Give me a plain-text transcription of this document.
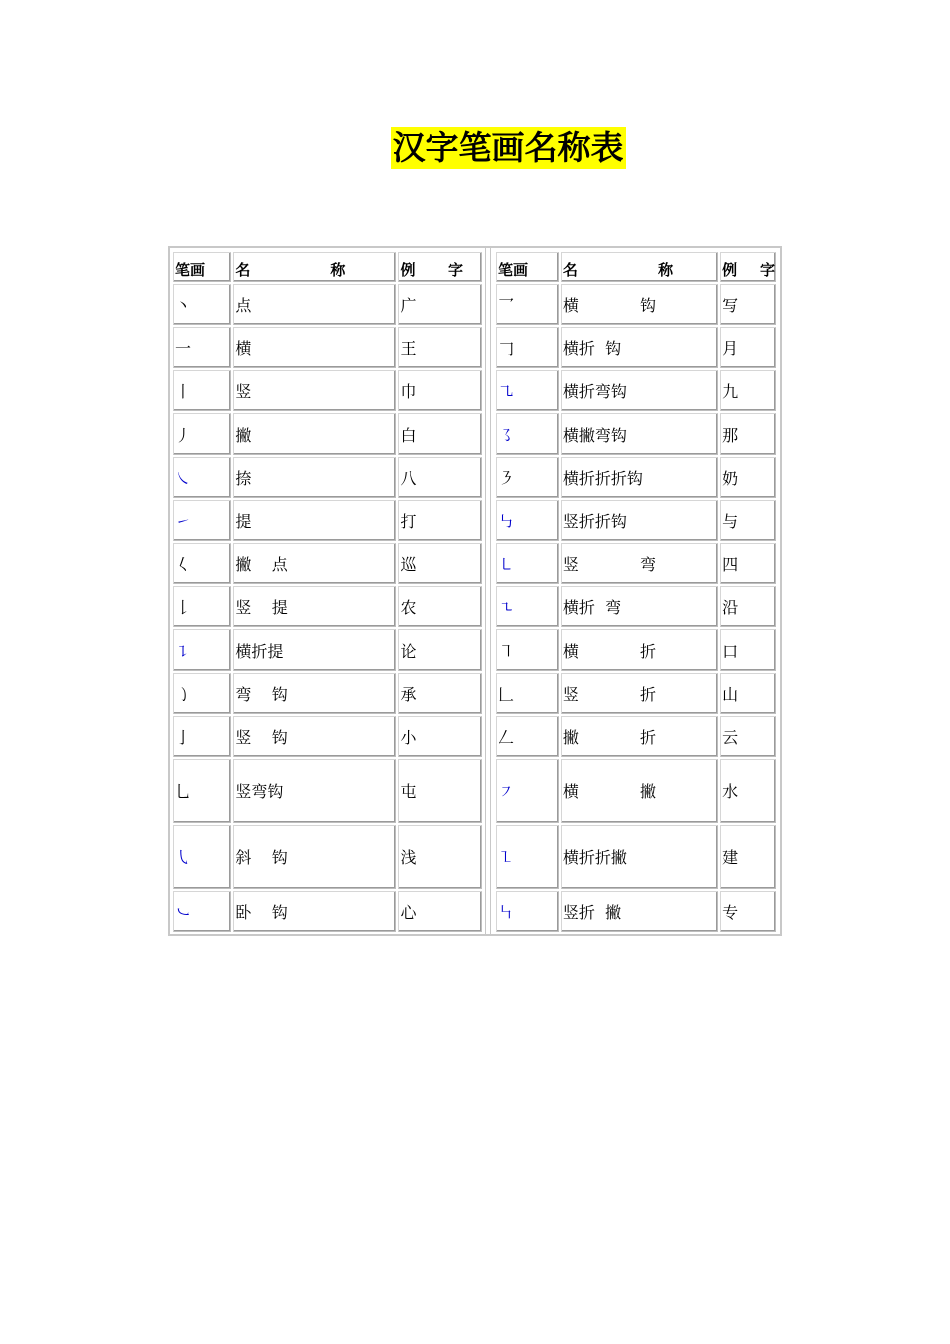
汉字笔画名称表
笔画	名 称	例 字

丶	点	广
一	横	王
丨	竖	巾
丿	撇	白
㇏	捺	八
㇀	提	打
𡿨	撇    点	巡
𠄌	竖    提	农
㇊	横折提	论
㇁	弯    钩	承
亅	竖    钩	小
乚	竖弯钩	屯
㇂	斜    钩	浅
㇃	卧    钩	心
笔画	名 称	例 字

乛	横            钩	写
𠃌	横折  钩	月
㇈	横折弯钩	九
㇌	横撇弯钩	那
㇋	横折折折钩	奶
㇉	竖折折钩	与
㇄	竖            弯	四
㇍	横折  弯	沿
㇕	横            折	口
𠃊	竖            折	山
𠃋	撇            折	云
㇇	横            撇	水
㇅	横折折撇	建
㇞	竖折  撇	专
